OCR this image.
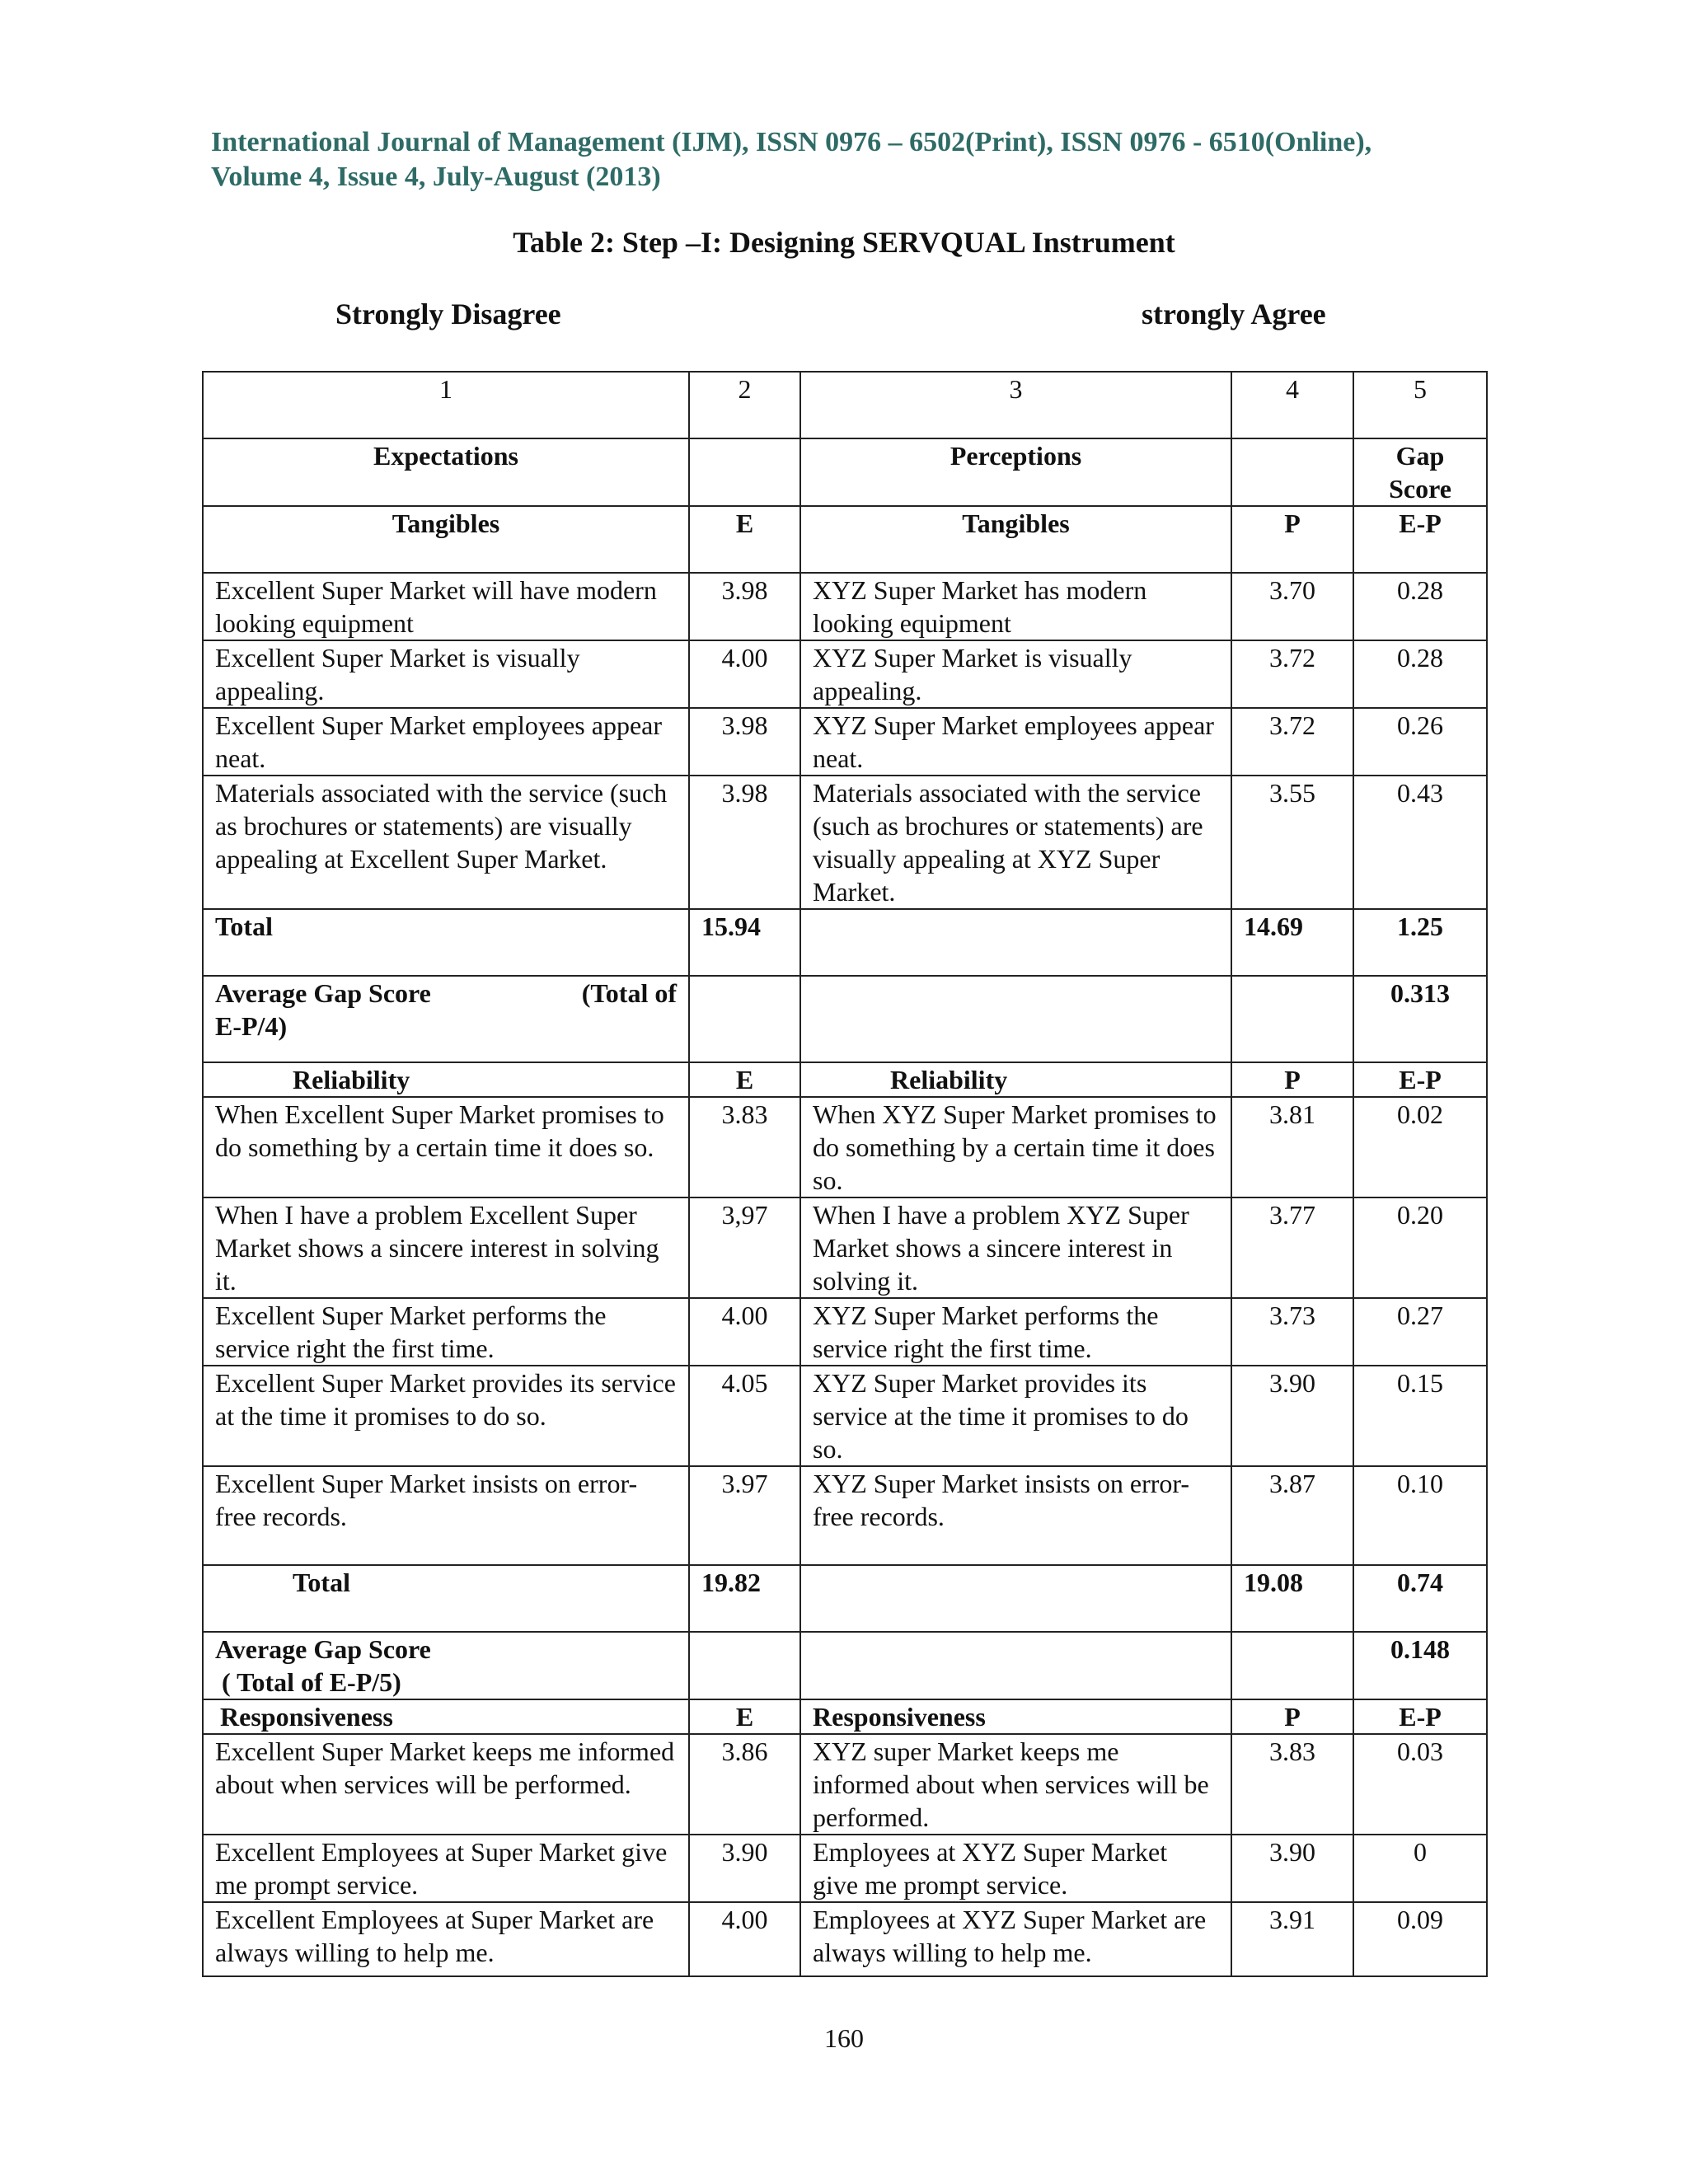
International Journal of Management (IJM), ISSN 0976 – 6502(Print), ISSN 0976 - 6510(Online),
Volume 4, Issue 4, July-August (2013)
Table 2: Step –I: Designing SERVQUAL Instrument
Strongly Disagree	strongly Agree
1	2	3	4	5
Expectations		Perceptions		Gap Score
Tangibles	E	Tangibles	P	E-P
Excellent Super Market will have modern looking equipment	3.98	XYZ Super Market has modern looking equipment	3.70	0.28
Excellent Super Market is visually appealing.	4.00	XYZ Super Market is visually appealing.	3.72	0.28
Excellent Super Market employees appear neat.	3.98	XYZ Super Market employees appear neat.	3.72	0.26
Materials associated with the service (such as brochures or statements) are visually appealing at Excellent Super Market.	3.98	Materials associated with the service (such as brochures or statements) are visually appealing at XYZ Super Market.	3.55	0.43
Total	15.94		14.69	1.25

Average Gap Score (Total of
E-P/4)				0.313
Reliability	E	Reliability	P	E-P
When Excellent Super Market promises to do something by a certain time it does so.	3.83	When XYZ Super Market promises to do something by a certain time it does so.	3.81	0.02
When I have a problem Excellent Super Market shows a sincere interest in solving it.	3,97	When I have a problem XYZ Super Market shows a sincere interest in solving it.	3.77	0.20
Excellent Super Market performs the service right the first time.	4.00	XYZ Super Market performs the service right the first time.	3.73	0.27
Excellent Super Market provides its service at the time it promises to do so.	4.05	XYZ Super Market provides its service at the time it promises to do so.	3.90	0.15
Excellent Super Market insists on error-free records.	3.97	XYZ Super Market insists on error-free records.	3.87	0.10
Total	19.82		19.08	0.74

Average Gap Score
( Total of E-P/5)				0.148
Responsiveness	E	Responsiveness	P	E-P
Excellent Super Market keeps me informed about when services will be performed.	3.86	XYZ super Market keeps me informed about when services will be performed.	3.83	0.03
Excellent Employees at Super Market give me prompt service.	3.90	Employees at XYZ Super Market give me prompt service.	3.90	0
Excellent Employees at Super Market are always willing to help me.	4.00	Employees at XYZ Super Market are always willing to help me.	3.91	0.09
160
